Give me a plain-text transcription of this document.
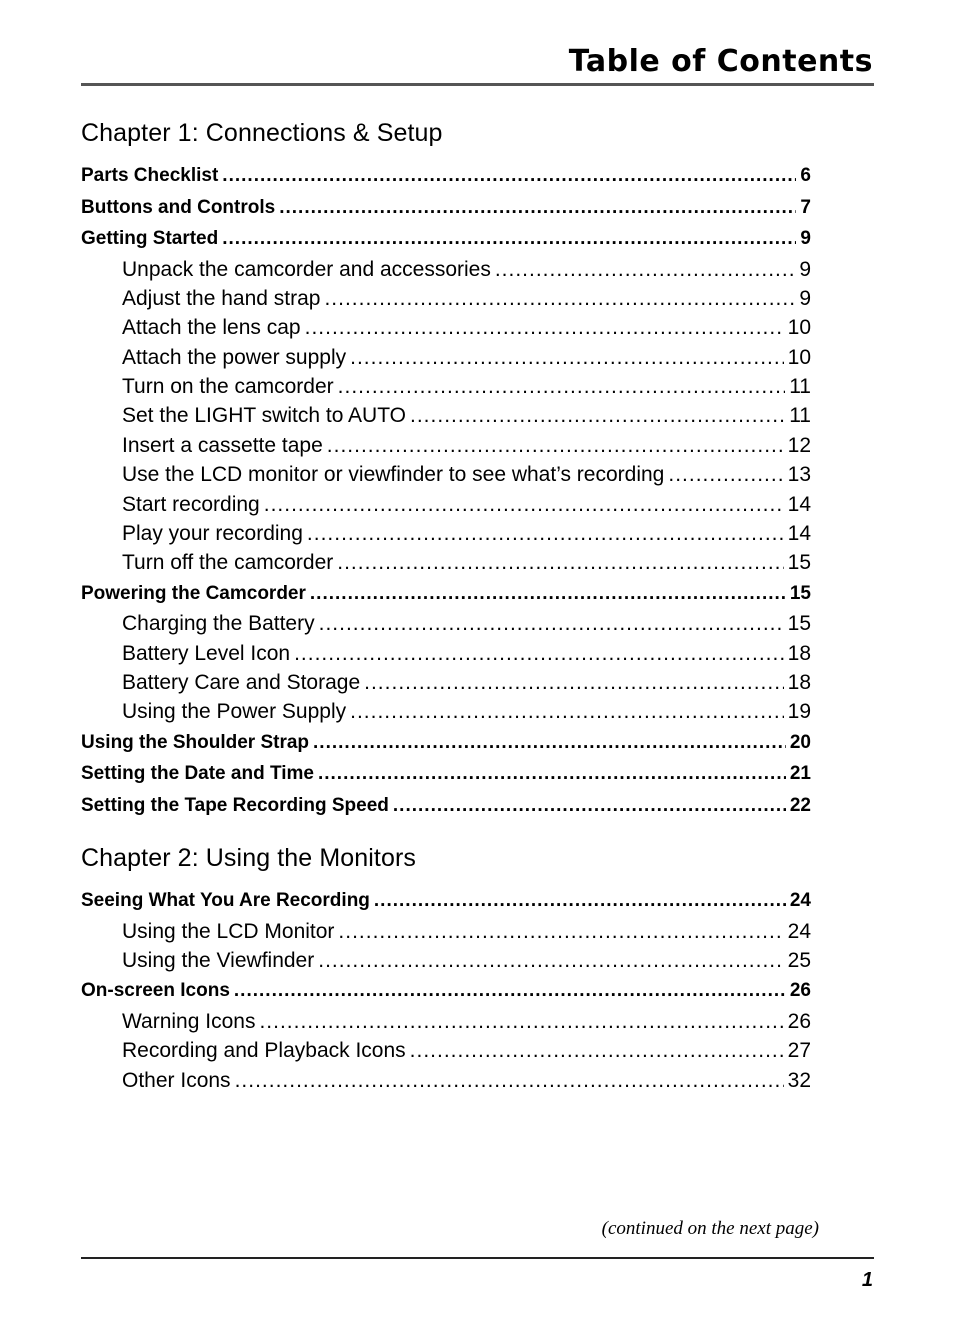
Table of Contents
Chapter 1: Connections & Setup
Parts Checklist .....	6
Buttons and Controls .....	7
Getting Started .....	9
Unpack the camcorder and accessories .....	9
Adjust the hand strap .....	9
Attach the lens cap .....	10
Attach the power supply .....	10
Turn on the camcorder .....	11
Set the LIGHT switch to AUTO .....	11
Insert a cassette tape .....	12
Use the LCD monitor or viewfinder to see what’s recording .....	13
Start recording .....	14
Play your recording .....	14
Turn off the camcorder .....	15
Powering the Camcorder .....	15
Charging the Battery .....	15
Battery Level Icon .....	18
Battery Care and Storage .....	18
Using the Power Supply .....	19
Using the Shoulder Strap .....	20
Setting the Date and Time .....	21
Setting the Tape Recording Speed .....	22
Chapter 2: Using the Monitors
Seeing What You Are Recording .....	24
Using the LCD Monitor .....	24
Using the Viewfinder .....	25
On-screen Icons .....	26
Warning Icons .....	26
Recording and Playback Icons .....	27
Other Icons .....	32
(continued on the next page)
1
